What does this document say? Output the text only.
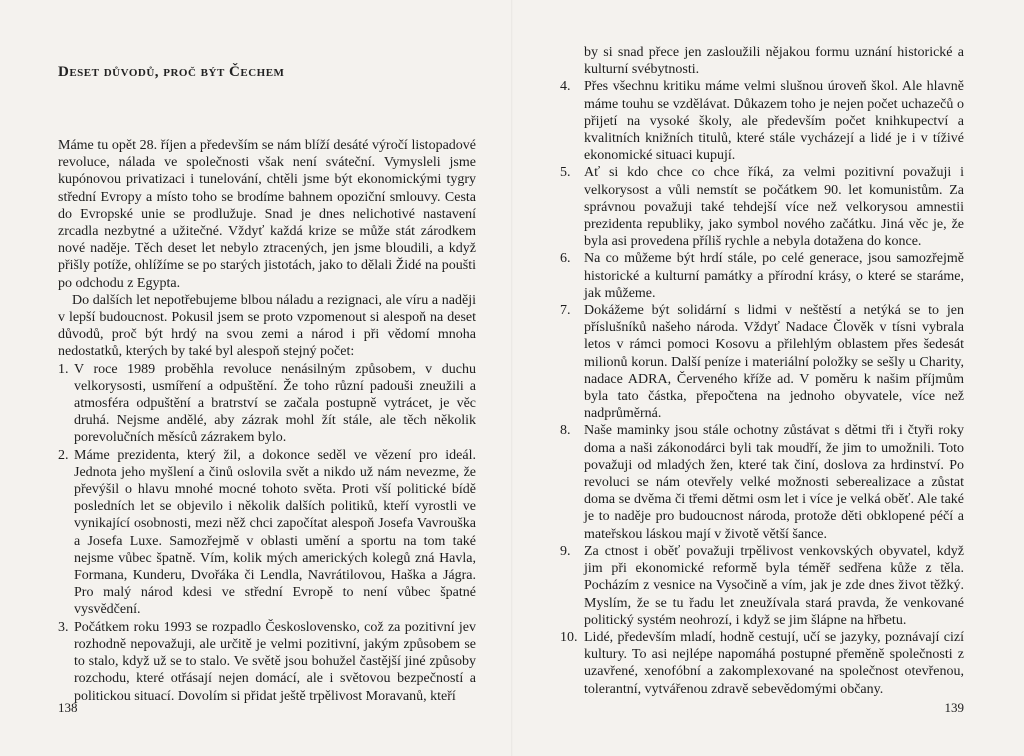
Deset důvodů, proč být Čechem

Máme tu opět 28. říjen a především se nám blíží desáté výročí listopadové revoluce, nálada ve společnosti však není sváteční. Vymysleli jsme kupónovou privatizaci i tunelování, chtěli jsme být ekonomickými tygry střední Evropy a místo toho se brodíme bahnem opoziční smlouvy. Cesta do Evropské unie se prodlužuje. Snad je dnes nelichotivé nastavení zrcadla nezbytné a užitečné. Vždyť každá krize se může stát zárodkem nové naděje. Těch deset let nebylo ztracených, jen jsme bloudili, a když přišly potíže, ohlížíme se po starých jistotách, jako to dělali Židé na poušti po odchodu z Egypta.

Do dalších let nepotřebujeme blbou náladu a rezignaci, ale víru a naději v lepší budoucnost. Pokusil jsem se proto vzpomenout si alespoň na deset důvodů, proč být hrdý na svou zemi a národ i při vědomí mnoha nedostatků, kterých by také byl alespoň stejný počet:

1. V roce 1989 proběhla revoluce nenásilným způsobem, v duchu velkorysosti, usmíření a odpuštění. Že toho různí padouši zneužili a atmosféra odpuštění a bratrství se začala postupně vytrácet, je věc druhá. Nejsme andělé, aby zázrak mohl žít stále, ale těch několik porevolučních měsíců zázrakem bylo.
2. Máme prezidenta, který žil, a dokonce seděl ve vězení pro ideál. Jednota jeho myšlení a činů oslovila svět a nikdo už nám nevezme, že převýšil o hlavu mnohé mocné tohoto světa. Proti vší politické bídě posledních let se objevilo i několik dalších politiků, kteří vyrostli ve vynikající osobnosti, mezi něž chci započítat alespoň Josefa Vavrouška a Josefa Luxe. Samozřejmě v oblasti umění a sportu na tom také nejsme vůbec špatně. Vím, kolik mých amerických kolegů zná Havla, Formana, Kunderu, Dvořáka či Lendla, Navrátilovou, Haška a Jágra. Pro malý národ kdesi ve střední Evropě to není vůbec špatné vysvědčení.
3. Počátkem roku 1993 se rozpadlo Československo, což za pozitivní jev rozhodně nepovažuji, ale určitě je velmi pozitivní, jakým způsobem se to stalo, když už se to stalo. Ve světě jsou bohužel častější jiné způsoby rozchodu, které otřásají nejen domácí, ale i světovou bezpečností a politickou situací. Dovolím si přidat ještě trpělivost Moravanů, kteří
138
by si snad přece jen zasloužili nějakou formu uznání historické a kulturní svébytnosti.
4. Přes všechnu kritiku máme velmi slušnou úroveň škol. Ale hlavně máme touhu se vzdělávat. Důkazem toho je nejen počet uchazečů o přijetí na vysoké školy, ale především počet knihkupectví a kvalitních knižních titulů, které stále vycházejí a lidé je i v tíživé ekonomické situaci kupují.
5. Ať si kdo chce co chce říká, za velmi pozitivní považuji i velkorysost a vůli nemstít se počátkem 90. let komunistům. Za správnou považuji také tehdejší více než velkorysou amnestii prezidenta republiky, jako symbol nového začátku. Jiná věc je, že byla asi provedena příliš rychle a nebyla dotažena do konce.
6. Na co můžeme být hrdí stále, po celé generace, jsou samozřejmě historické a kulturní památky a přírodní krásy, o které se staráme, jak můžeme.
7. Dokážeme být solidární s lidmi v neštěstí a netýká se to jen příslušníků našeho národa. Vždyť Nadace Člověk v tísni vybrala letos v rámci pomoci Kosovu a přilehlým oblastem přes šedesát milionů korun. Další peníze i materiální položky se sešly u Charity, nadace ADRA, Červeného kříže ad. V poměru k našim příjmům byla tato částka, přepočtena na jednoho obyvatele, více než nadprůměrná.
8. Naše maminky jsou stále ochotny zůstávat s dětmi tři i čtyři roky doma a naši zákonodárci byli tak moudří, že jim to umožnili. Toto považuji od mladých žen, které tak činí, doslova za hrdinství. Po revoluci se nám otevřely velké možnosti seberealizace a zůstat doma se dvěma či třemi dětmi osm let i více je velká oběť. Ale také je to naděje pro budoucnost národa, protože děti obklopené péčí a mateřskou láskou mají v životě větší šance.
9. Za ctnost i oběť považuji trpělivost venkovských obyvatel, když jim při ekonomické reformě byla téměř sedřena kůže z těla. Pocházím z vesnice na Vysočině a vím, jak je zde dnes život těžký. Myslím, že se tu řadu let zneužívala stará pravda, že venkované politický systém neohrozí, i když se jim šlápne na hřbetu.
10. Lidé, především mladí, hodně cestují, učí se jazyky, poznávají cizí kultury. To asi nejlépe napomáhá postupné přeměně společnosti z uzavřené, xenofóbní a zakomplexované na společnost otevřenou, tolerantní, vytvářenou zdravě sebevědomými občany.
139
